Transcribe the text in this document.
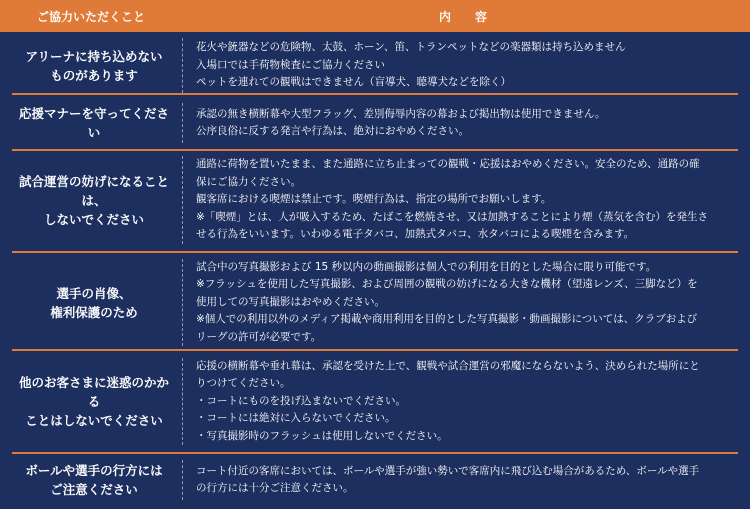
ご協力いただくこと	内　容
アリーナに持ち込めない
ものがあります
花火や銃器などの危険物、太鼓、ホーン、笛、トランペットなどの楽器類は持ち込めません
入場口では手荷物検査にご協力ください
ペットを連れての観戦はできません（盲導犬、聴導犬などを除く）
応援マナーを守ってください
承認の無き横断幕や大型フラッグ、差別侮辱内容の幕および掲出物は使用できません。
公序良俗に反する発言や行為は、絶対におやめください。
試合運営の妨げになることは、
しないでください
通路に荷物を置いたまま、また通路に立ち止まっての観戦・応援はおやめください。安全のため、通路の確
保にご協力ください。
観客席における喫煙は禁止です。喫煙行為は、指定の場所でお願いします。
※「喫煙」とは、人が吸入するため、たばこを燃焼させ、又は加熱することにより煙（蒸気を含む）を発生さ
せる行為をいいます。いわゆる電子タバコ、加熱式タバコ、水タバコによる喫煙を含みます。
選手の肖像、
権利保護のため
試合中の写真撮影および 15 秒以内の動画撮影は個人での利用を目的とした場合に限り可能です。
※フラッシュを使用した写真撮影、および周囲の観戦の妨げになる大きな機材（望遠レンズ、三脚など）を
使用しての写真撮影はおやめください。
※個人での利用以外のメディア掲載や商用利用を目的とした写真撮影・動画撮影については、クラブおよび
リーグの許可が必要です。
他のお客さまに迷惑のかかる
ことはしないでください
応援の横断幕や垂れ幕は、承認を受けた上で、観戦や試合運営の邪魔にならないよう、決められた場所にと
りつけてください。
・コートにものを投げ込まないでください。
・コートには絶対に入らないでください。
・写真撮影時のフラッシュは使用しないでください。
ボールや選手の行方には
ご注意ください
コート付近の客席においては、ボールや選手が強い勢いで客席内に飛び込む場合があるため、ボールや選手
の行方には十分ご注意ください。
